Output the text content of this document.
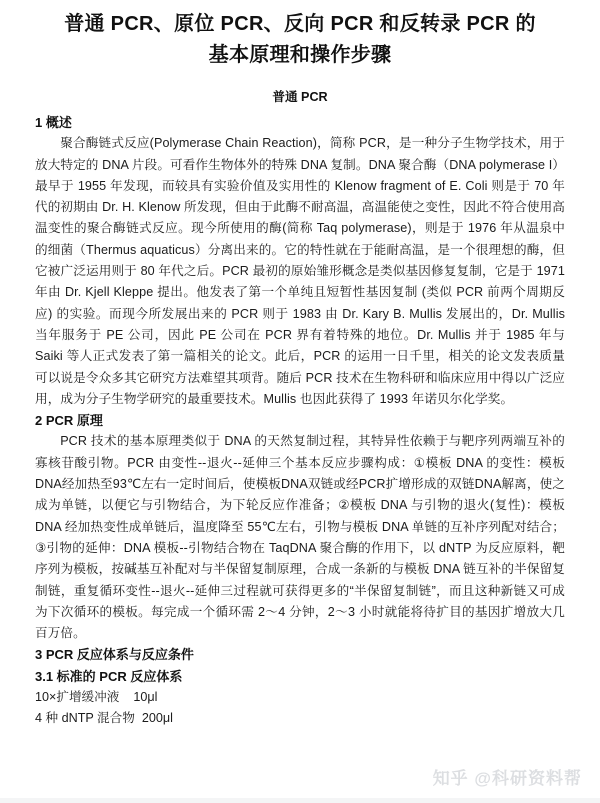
普通 PCR、原位 PCR、反向 PCR 和反转录 PCR 的
基本原理和操作步骤
普通 PCR
1 概述

聚合酶链式反应(Polymerase Chain Reaction)，简称 PCR，是一种分子生物学技术，用于放大特定的 DNA 片段。可看作生物体外的特殊 DNA 复制。DNA 聚合酶（DNA polymerase I）最早于 1955 年发现，而较具有实验价值及实用性的 Klenow fragment of E. Coli 则是于 70 年代的初期由 Dr. H. Klenow 所发现，但由于此酶不耐高温，高温能使之变性，因此不符合使用高温变性的聚合酶链式反应。现今所使用的酶(简称 Taq polymerase)，则是于 1976 年从温泉中的细菌（Thermus aquaticus）分离出来的。它的特性就在于能耐高温，是一个很理想的酶，但它被广泛运用则于 80 年代之后。PCR 最初的原始雏形概念是类似基因修复复制，它是于 1971 年由 Dr. Kjell Kleppe 提出。他发表了第一个单纯且短暂性基因复制 (类似 PCR 前两个周期反应) 的实验。而现今所发展出来的 PCR 则于 1983 由 Dr. Kary B. Mullis 发展出的，Dr. Mullis 当年服务于 PE 公司，因此 PE 公司在 PCR 界有着特殊的地位。Dr. Mullis 并于 1985 年与 Saiki 等人正式发表了第一篇相关的论文。此后，PCR 的运用一日千里，相关的论文发表质量可以说是令众多其它研究方法难望其项背。随后 PCR 技术在生物科研和临床应用中得以广泛应用，成为分子生物学研究的最重要技术。Mullis 也因此获得了 1993 年诺贝尔化学奖。

2 PCR 原理

PCR 技术的基本原理类似于 DNA 的天然复制过程，其特异性依赖于与靶序列两端互补的寡核苷酸引物。PCR 由变性--退火--延伸三个基本反应步骤构成：①模板 DNA 的变性：模板DNA经加热至93℃左右一定时间后，使模板DNA双链或经PCR扩增形成的双链DNA解离，使之成为单链，以便它与引物结合，为下轮反应作准备；②模板 DNA 与引物的退火(复性)：模板 DNA 经加热变性成单链后，温度降至 55℃左右，引物与模板 DNA 单链的互补序列配对结合；③引物的延伸：DNA 模板--引物结合物在 TaqDNA 聚合酶的作用下，以 dNTP 为反应原料，靶序列为模板，按碱基互补配对与半保留复制原理，合成一条新的与模板 DNA 链互补的半保留复制链，重复循环变性--退火--延伸三过程就可获得更多的“半保留复制链”，而且这种新链又可成为下次循环的模板。每完成一个循环需 2～4 分钟，2～3 小时就能将待扩目的基因扩增放大几百万倍。

3 PCR 反应体系与反应条件
3.1 标准的 PCR 反应体系
10×扩增缓冲液 10μl
4 种 dNTP 混合物 200μl
知乎 @科研资料帮
